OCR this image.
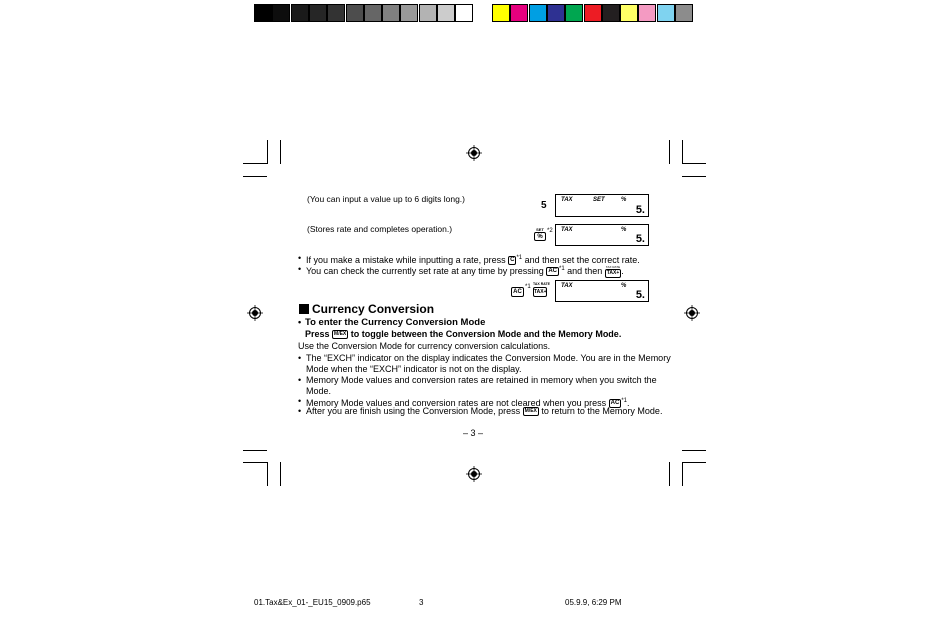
(You can input a value up to 6 digits long.)
5 TAX	SET	%
5.
(Stores rate and completes operation.)	SET
%
*2 TAX	%
5.
• If you make a mistake while inputting a rate, press C $^{*1}$ and then set the correct rate.
• You can check the currently set rate at any time by pressing AC $^{*1}$ and then	TAX RATE
TAX+ .
AC
*1 TAX RATE
TAX+
TAX	%
5.
Currency Conversion
• To enter the Currency Conversion Mode
Press M/EX to toggle between the Conversion Mode and the Memory Mode.
Use the Conversion Mode for currency conversion calculations.
• The “EXCH” indicator on the display indicates the Conversion Mode. You are in the Memory
Mode when the “EXCH” indicator is not on the display.
• Memory Mode values and conversion rates are retained in memory when you switch the
Mode.
• Memory Mode values and conversion rates are not cleared when you press AC $^{*1}$.
• After you are finish using the Conversion Mode, press M/EX to return to the Memory Mode.
– 3 –
01.Tax&Ex_01-_EU15_0909.p65	3	05.9.9, 6:29 PM
